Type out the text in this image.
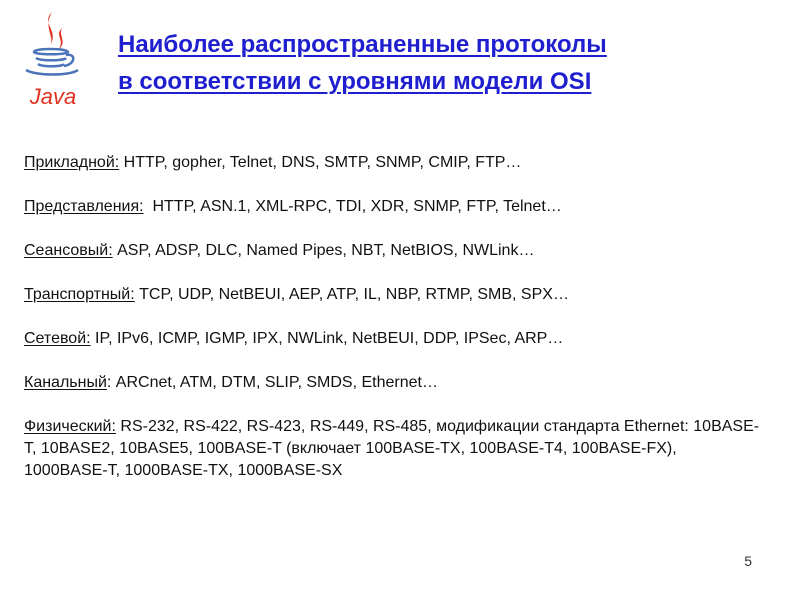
Java
Наиболее распространенные протоколы
в соответствии с уровнями модели OSI
Прикладной: HTTP, gopher, Telnet, DNS, SMTP, SNMP, CMIP, FTP…
Представления: HTTP, ASN.1, XML-RPC, TDI, XDR, SNMP, FTP, Telnet…
Сеансовый: ASP, ADSP, DLC, Named Pipes, NBT, NetBIOS, NWLink…
Транспортный: TCP, UDP, NetBEUI, AEP, ATP, IL, NBP, RTMP, SMB, SPX…
Сетевой: IP, IPv6, ICMP, IGMP, IPX, NWLink, NetBEUI, DDP, IPSec, ARP…
Канальный: ARCnet, ATM, DTM, SLIP, SMDS, Ethernet…
Физический: RS-232, RS-422, RS-423, RS-449, RS-485, модификации стандарта Ethernet: 10BASE-T, 10BASE2, 10BASE5, 100BASE-T (включает 100BASE-TX, 100BASE-T4, 100BASE-FX), 1000BASE-T, 1000BASE-TX, 1000BASE-SX
5
